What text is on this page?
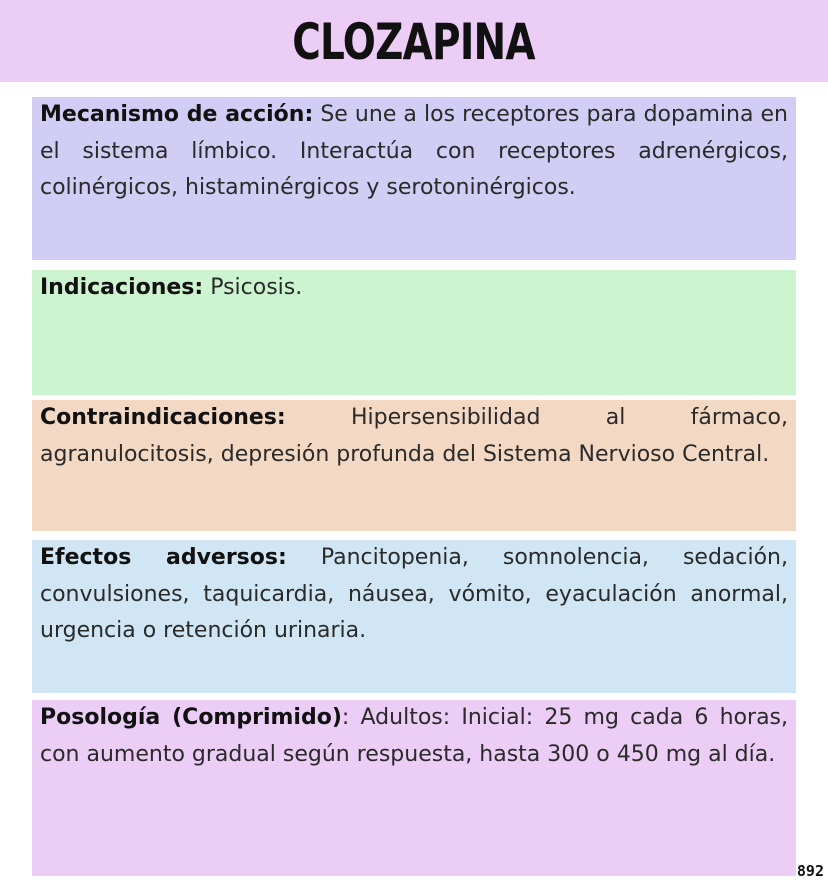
CLOZAPINA

Mecanismo de acción: Se une a los receptores para dopamina en el sistema límbico. Interactúa con receptores adrenérgicos, colinérgicos, histaminérgicos y serotoninérgicos.

Indicaciones: Psicosis.

Contraindicaciones:	Hipersensibilidad al fármaco, agranulocitosis, depresión profunda del Sistema Nervioso Central.

Efectos adversos: Pancitopenia, somnolencia, sedación, convulsiones, taquicardia, náusea, vómito, eyaculación anormal, urgencia o retención urinaria.

Posología (Comprimido): Adultos: Inicial: 25 mg cada 6 horas, con aumento gradual según respuesta, hasta 300 o 450 mg al día.

892
